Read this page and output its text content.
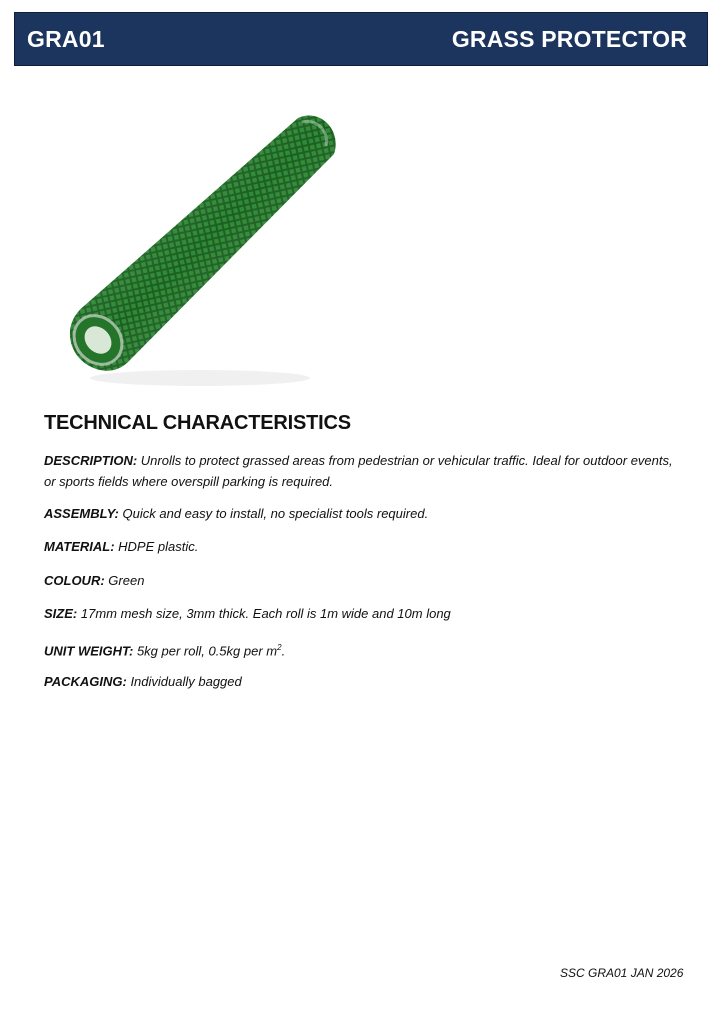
GRA01	GRASS PROTECTOR
TECHNICAL CHARACTERISTICS

DESCRIPTION: Unrolls to protect grassed areas from pedestrian or vehicular traffic. Ideal for outdoor events, or sports fields where overspill parking is required.

ASSEMBLY: Quick and easy to install, no specialist tools required.

MATERIAL: HDPE plastic.

COLOUR: Green

SIZE: 17mm mesh size, 3mm thick. Each roll is 1m wide and 10m long

UNIT WEIGHT: 5kg per roll, 0.5kg per $m^2$.

PACKAGING: Individually bagged

SSC GRA01 JAN 2026
